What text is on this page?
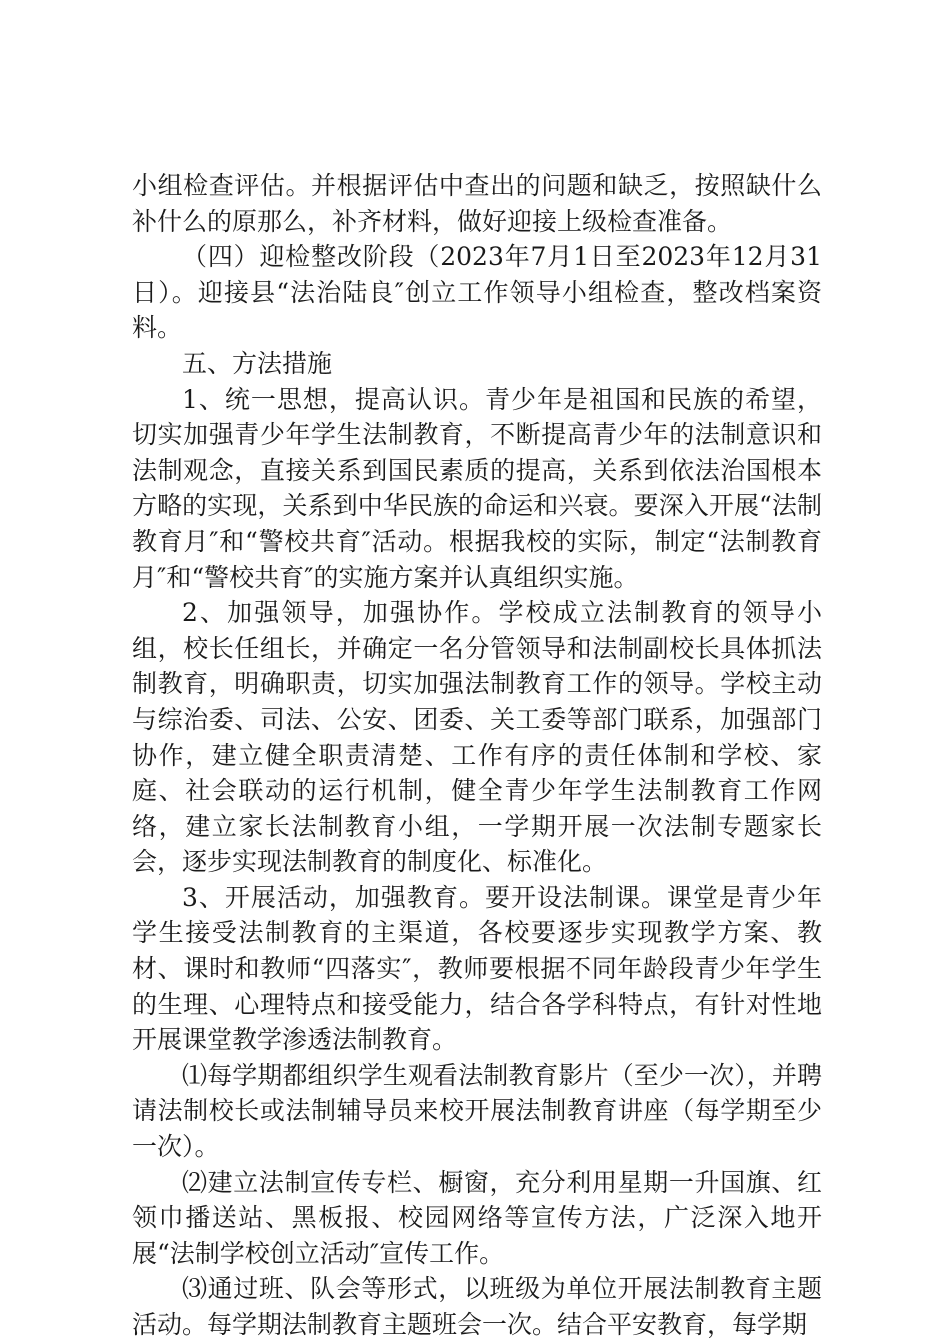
小组检查评估。并根据评估中查出的问题和缺乏，按照缺什么补什么的原那么，补齐材料，做好迎接上级检查准备。

（四）迎检整改阶段（2023年7月1日至2023年12月31日）。迎接县“法治陆良″创立工作领导小组检查，整改档案资料。

五、方法措施

1、统一思想，提高认识。青少年是祖国和民族的希望，切实加强青少年学生法制教育，不断提高青少年的法制意识和法制观念，直接关系到国民素质的提高，关系到依法治国根本方略的实现，关系到中华民族的命运和兴衰。要深入开展“法制教育月″和“警校共育″活动。根据我校的实际，制定“法制教育月″和“警校共育″的实施方案并认真组织实施。

2、加强领导，加强协作。学校成立法制教育的领导小组，校长任组长，并确定一名分管领导和法制副校长具体抓法制教育，明确职责，切实加强法制教育工作的领导。学校主动与综治委、司法、公安、团委、关工委等部门联系，加强部门协作，建立健全职责清楚、工作有序的责任体制和学校、家庭、社会联动的运行机制，健全青少年学生法制教育工作网络，建立家长法制教育小组，一学期开展一次法制专题家长会，逐步实现法制教育的制度化、标准化。

3、开展活动，加强教育。要开设法制课。课堂是青少年学生接受法制教育的主渠道，各校要逐步实现教学方案、教材、课时和教师“四落实″，教师要根据不同年龄段青少年学生的生理、心理特点和接受能力，结合各学科特点，有针对性地开展课堂教学渗透法制教育。

⑴每学期都组织学生观看法制教育影片（至少一次），并聘请法制校长或法制辅导员来校开展法制教育讲座（每学期至少一次）。

⑵建立法制宣传专栏、橱窗，充分利用星期一升国旗、红领巾播送站、黑板报、校园网络等宣传方法，广泛深入地开展“法制学校创立活动″宣传工作。

⑶通过班、队会等形式，以班级为单位开展法制教育主题活动。每学期法制教育主题班会一次。结合平安教育，每学期
